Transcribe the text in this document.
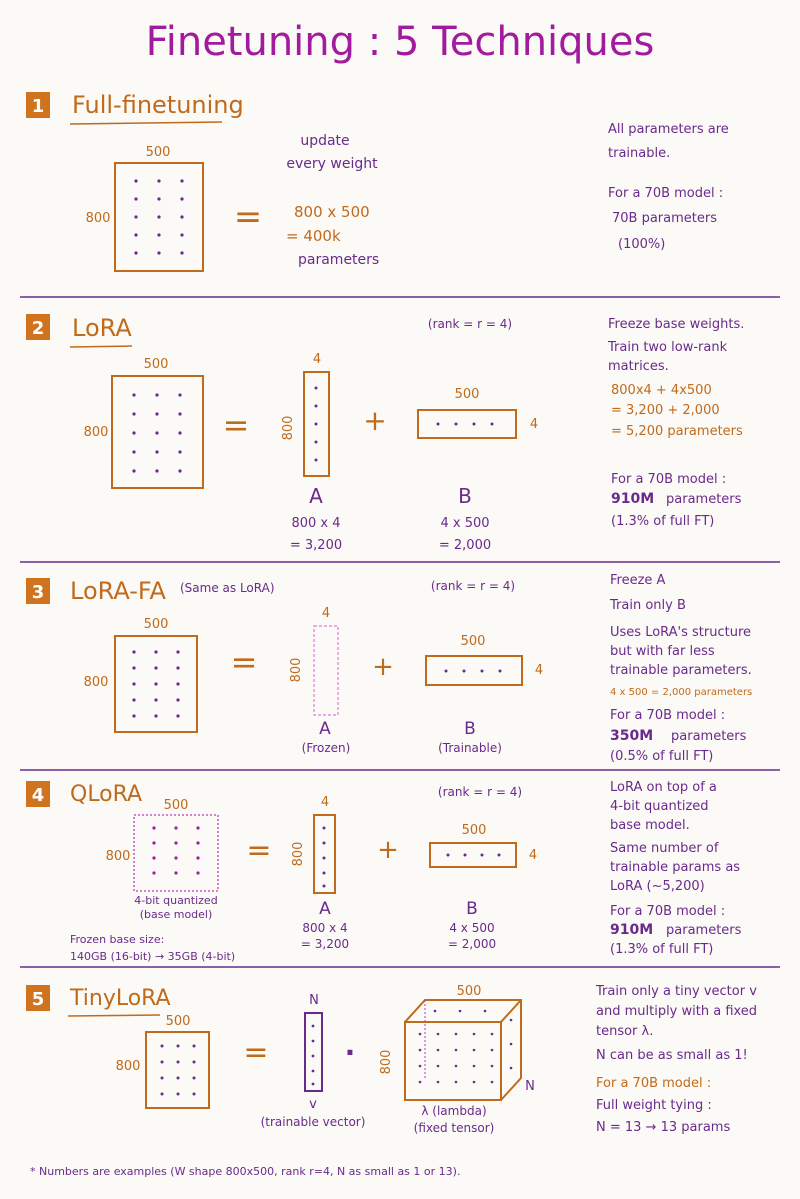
Finetuning : 5 Techniques
1 Full-finetuning
500
800	=
update
every weight
800 x 500
= 400k
parameters
All parameters are
trainable.
For a 70B model :
70B parameters
(100%)
2 LoRA	(rank = r = 4)
500
800	=
4
800 +
500
4
A
800 x 4
= 3,200
B
4 x 500
= 2,000
Freeze base weights.
Train two low-rank
matrices.
800x4 + 4x500
= 3,200 + 2,000
= 5,200 parameters
For a 70B model :
910M parameters
(1.3% of full FT)
3 LoRA-FA (Same as LoRA)	(rank = r = 4)
500
800
=
4
800	+
500
4
A
(Frozen)
B
(Trainable)
Freeze A
Train only B
Uses LoRA's structure
but with far less
trainable parameters.
4 x 500 = 2,000 parameters
For a 70B model :
350M parameters
(0.5% of full FT)
4 QLoRA	(rank = r = 4)
500
800
4-bit quantized
(base model)
Frozen base size:
140GB (16-bit) → 35GB (4-bit)
=
4
800	+
500
4
A
800 x 4
= 3,200
B
4 x 500
= 2,000
LoRA on top of a
4-bit quantized
base model.
Same number of
trainable params as
LoRA (~5,200)
For a 70B model :
910M parameters
(1.3% of full FT)
5 TinyLoRA
500
800	=
N
v
(trainable vector)
·
500
800
N
λ (lambda)
(fixed tensor)
Train only a tiny vector v
and multiply with a fixed
tensor λ.
N can be as small as 1!
For a 70B model :
Full weight tying :
N = 13 → 13 params
* Numbers are examples (W shape 800x500, rank r=4, N as small as 1 or 13).
